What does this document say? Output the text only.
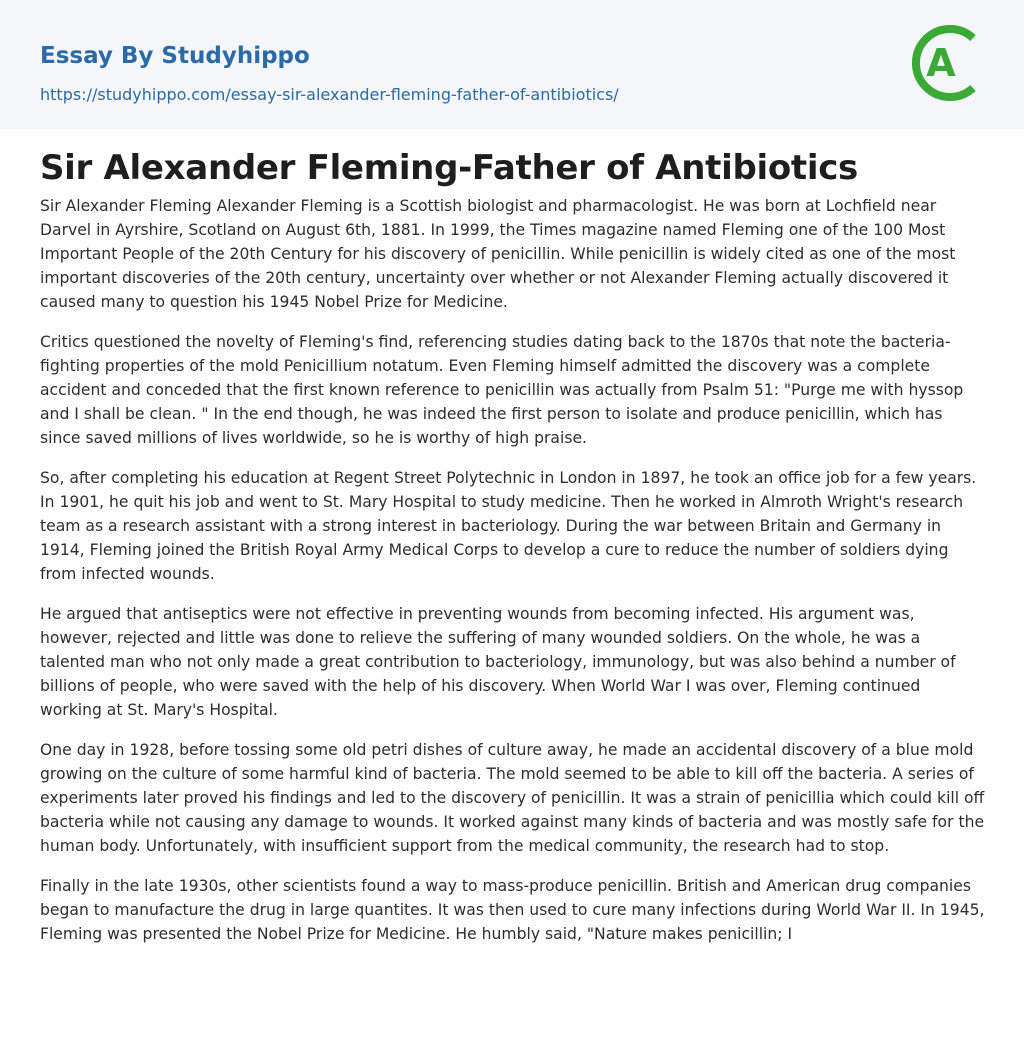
Essay By Studyhippo
https://studyhippo.com/essay-sir-alexander-fleming-father-of-antibiotics/
A
Sir Alexander Fleming-Father of Antibiotics

Sir Alexander Fleming Alexander Fleming is a Scottish biologist and pharmacologist. He was born at Lochfield near Darvel in Ayrshire, Scotland on August 6th, 1881. In 1999, the Times magazine named Fleming one of the 100 Most Important People of the 20th Century for his discovery of penicillin. While penicillin is widely cited as one of the most important discoveries of the 20th century, uncertainty over whether or not Alexander Fleming actually discovered it caused many to question his 1945 Nobel Prize for Medicine.

Critics questioned the novelty of Fleming's find, referencing studies dating back to the 1870s that note the bacteria-fighting properties of the mold Penicillium notatum. Even Fleming himself admitted the discovery was a complete accident and conceded that the first known reference to penicillin was actually from Psalm 51: "Purge me with hyssop and I shall be clean. " In the end though, he was indeed the first person to isolate and produce penicillin, which has since saved millions of lives worldwide, so he is worthy of high praise.

So, after completing his education at Regent Street Polytechnic in London in 1897, he took an office job for a few years. In 1901, he quit his job and went to St. Mary Hospital to study medicine. Then he worked in Almroth Wright's research team as a research assistant with a strong interest in bacteriology. During the war between Britain and Germany in 1914, Fleming joined the British Royal Army Medical Corps to develop a cure to reduce the number of soldiers dying from infected wounds.

He argued that antiseptics were not effective in preventing wounds from becoming infected. His argument was, however, rejected and little was done to relieve the suffering of many wounded soldiers. On the whole, he was a talented man who not only made a great contribution to bacteriology, immunology, but was also behind a number of billions of people, who were saved with the help of his discovery. When World War I was over, Fleming continued working at St. Mary's Hospital.

One day in 1928, before tossing some old petri dishes of culture away, he made an accidental discovery of a blue mold growing on the culture of some harmful kind of bacteria. The mold seemed to be able to kill off the bacteria. A series of experiments later proved his findings and led to the discovery of penicillin. It was a strain of penicillia which could kill off bacteria while not causing any damage to wounds. It worked against many kinds of bacteria and was mostly safe for the human body. Unfortunately, with insufficient support from the medical community, the research had to stop.

Finally in the late 1930s, other scientists found a way to mass-produce penicillin. British and American drug companies began to manufacture the drug in large quantites. It was then used to cure many infections during World War II. In 1945, Fleming was presented the Nobel Prize for Medicine. He humbly said, "Nature makes penicillin; I
